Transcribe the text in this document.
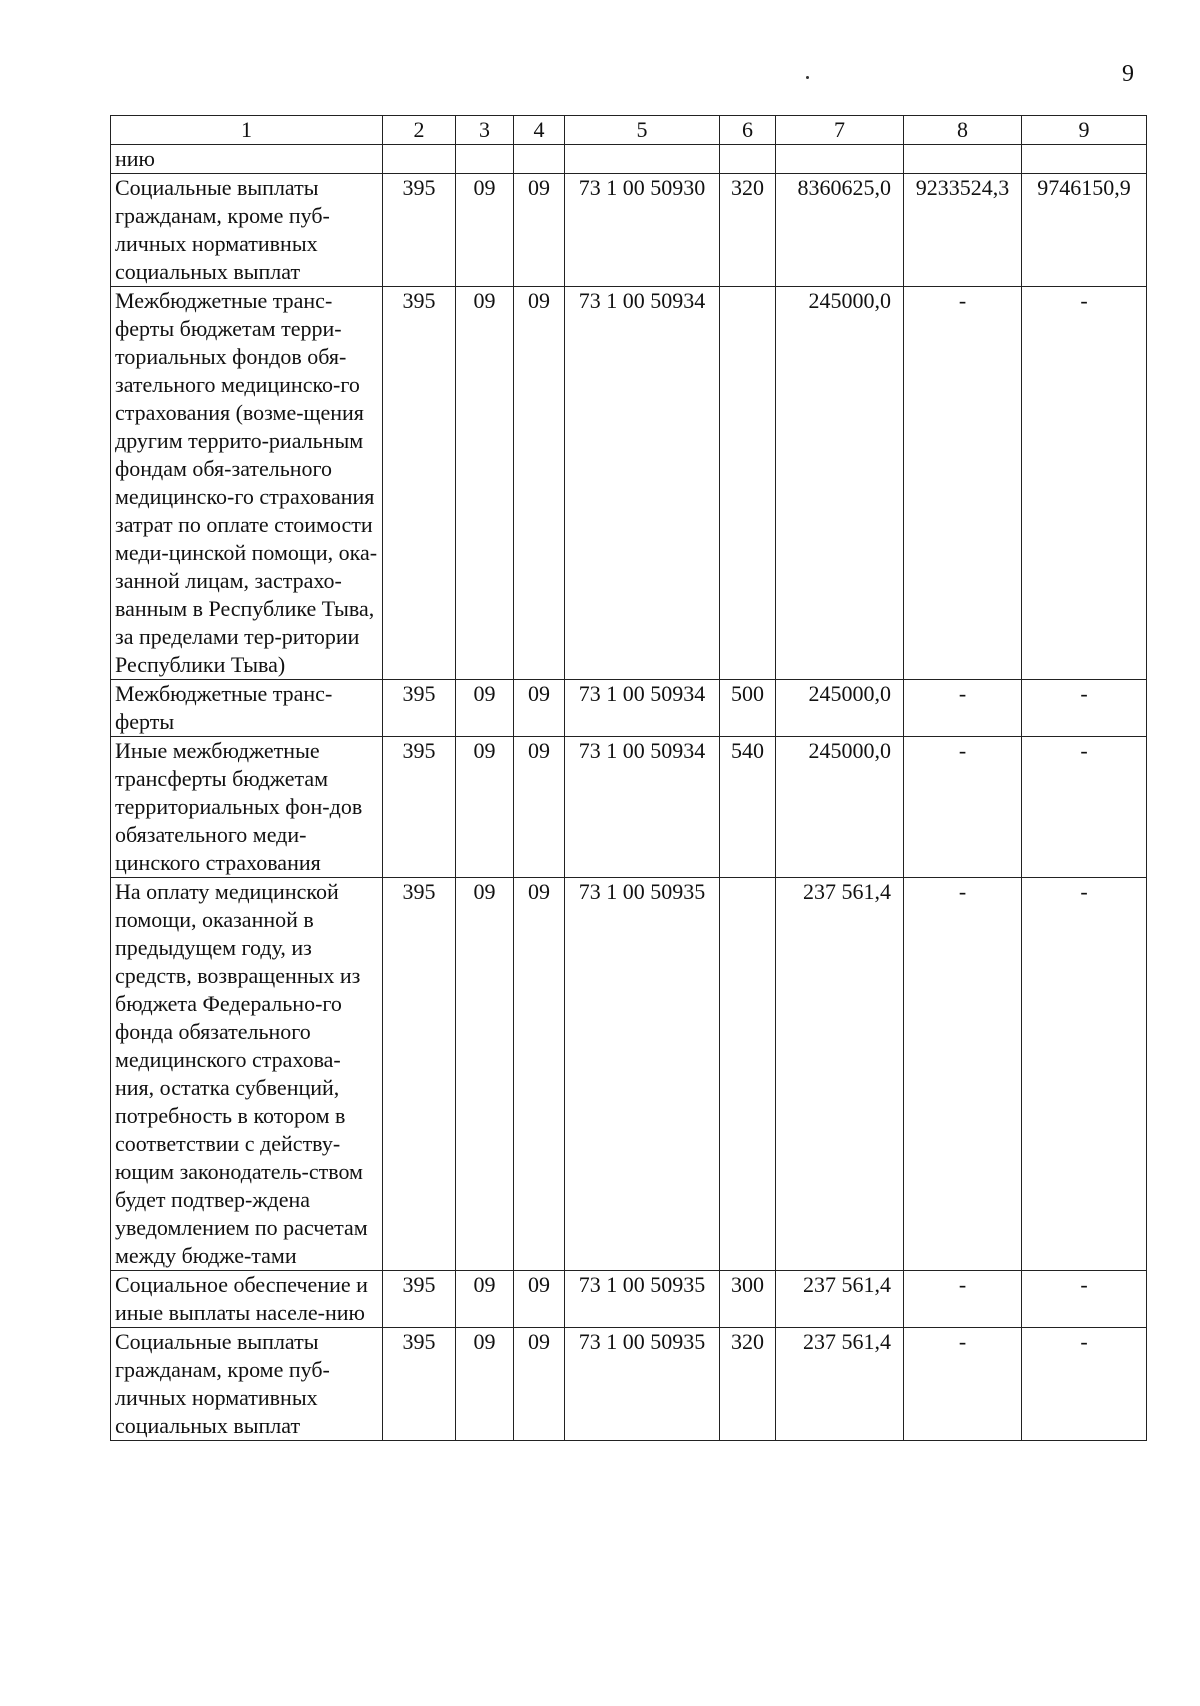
9
1	2	3	4	5	6	7	8	9
нию								
Социальные выплаты гражданам, кроме пуб-личных нормативных социальных выплат	395	09	09	73 1 00 50930	320	8360625,0	9233524,3	9746150,9
Межбюджетные транс-ферты бюджетам терри-ториальных фондов обя-зательного медицинско-го страхования (возме-щения другим террито-риальным фондам обя-зательного медицинско-го страхования затрат по оплате стоимости меди-цинской помощи, ока-занной лицам, застрахо-ванным в Республике Тыва, за пределами тер-ритории Республики Тыва)	395	09	09	73 1 00 50934		245000,0	-	-
Межбюджетные транс-ферты	395	09	09	73 1 00 50934	500	245000,0	-	-
Иные межбюджетные трансферты бюджетам территориальных фон-дов обязательного меди-цинского страхования	395	09	09	73 1 00 50934	540	245000,0	-	-
На оплату медицинской помощи, оказанной в предыдущем году, из средств, возвращенных из бюджета Федерально-го фонда обязательного медицинского страхова-ния, остатка субвенций, потребность в котором в соответствии с действу-ющим законодатель-ством будет подтвер-ждена уведомлением по расчетам между бюдже-тами	395	09	09	73 1 00 50935		237 561,4	-	-
Социальное обеспечение и иные выплаты населе-нию	395	09	09	73 1 00 50935	300	237 561,4	-	-
Социальные выплаты гражданам, кроме пуб-личных нормативных социальных выплат	395	09	09	73 1 00 50935	320	237 561,4	-	-
